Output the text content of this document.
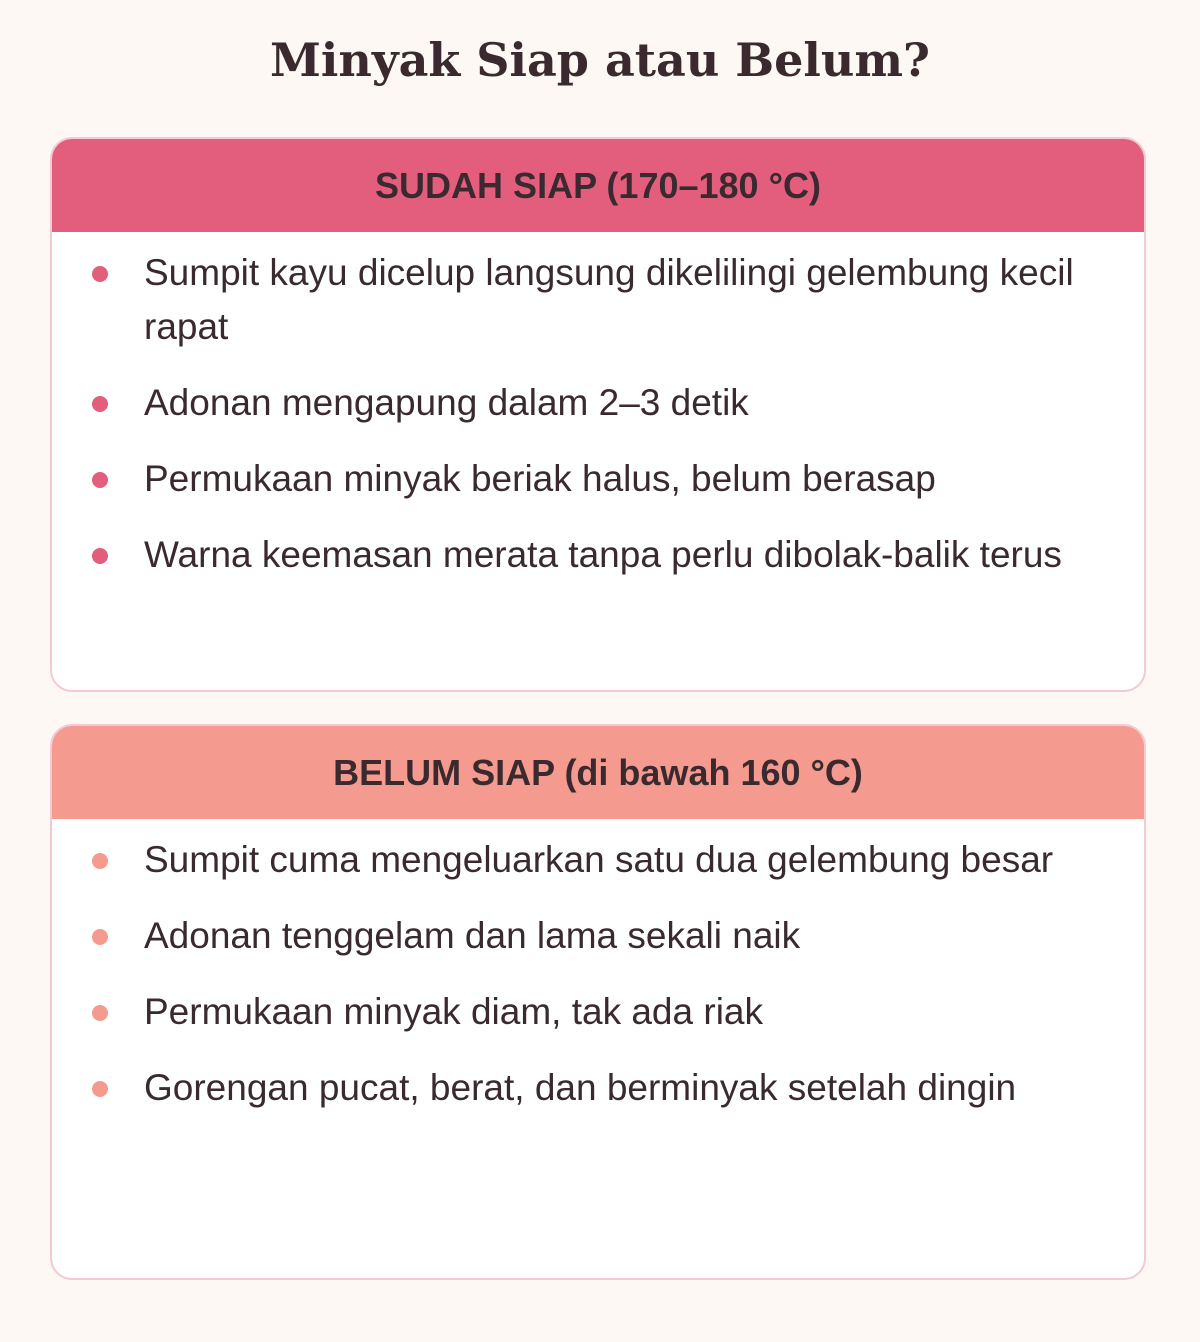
Minyak Siap atau Belum?
SUDAH SIAP (170–180 °C)
Sumpit kayu dicelup langsung dikelilingi gelembung kecil rapat
Adonan mengapung dalam 2–3 detik
Permukaan minyak beriak halus, belum berasap
Warna keemasan merata tanpa perlu dibolak-balik terus
BELUM SIAP (di bawah 160 °C)
Sumpit cuma mengeluarkan satu dua gelembung besar
Adonan tenggelam dan lama sekali naik
Permukaan minyak diam, tak ada riak
Gorengan pucat, berat, dan berminyak setelah dingin
